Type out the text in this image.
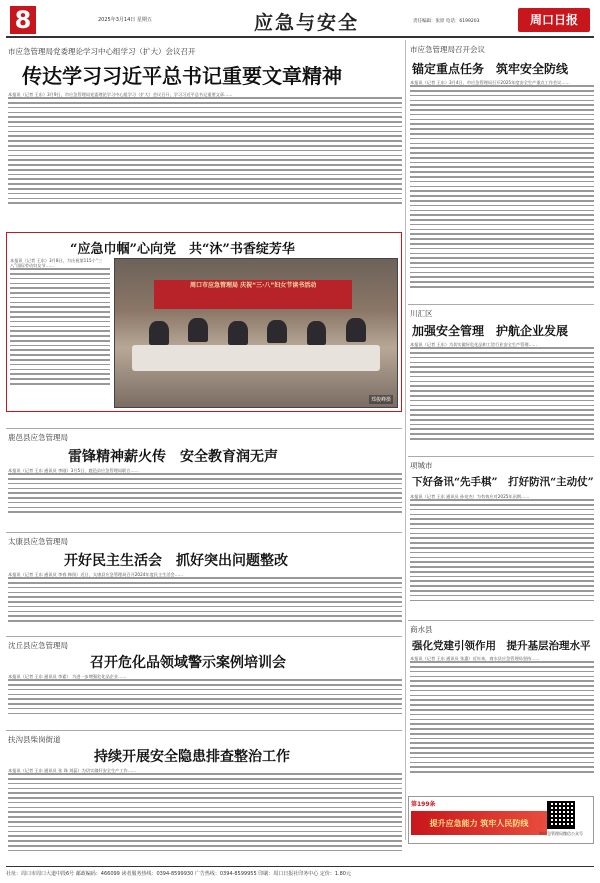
8	2025年3月14日 星期五	应急与安全	责任编辑：张原 电话：6199203	周口日报
市应急管理局党委理论学习中心组学习（扩大）会议召开
传达学习习近平总书记重要文章精神
本报讯（记者 王东）3月9日，市应急管理局党委理论学习中心组学习（扩大）会议召开，学习习近平总书记重要文章……
“应急巾帼”心向党　共“沐”书香绽芳华
本报讯（记者 王东）3月8日，为庆祝第115个“三八”国际劳动妇女节……
周口市应急管理局 庆祝“三·八”妇女节读书活动
郑俊峰摄
鹿邑县应急管理局
雷锋精神薪火传　安全教育润无声
本报讯（记者 王东 通讯员 李刚）3月5日，鹿邑县应急管理局联合……
太康县应急管理局
开好民主生活会　抓好突出问题整改
本报讯（记者 王东 通讯员 李春 韩闯）近日，太康县应急管理局召开2024年度民主生活会……
沈丘县应急管理局
召开危化品领域警示案例培训会
本报讯（记者 王东 通讯员 李素） 为进一步增强危化品企业……
扶沟县柴岗街道
持续开展安全隐患排查整治工作
本报讯（记者 王东 通讯员 张 珠 刘蕊）为切实做好安全生产工作……
市应急管理局召开会议
锚定重点任务　筑牢安全防线
本报讯（记者 王东）3月4日，市应急管理局召开2025年度安全生产重点工作会议……
川汇区
加强安全管理　护航企业发展
本报讯（记者 王东）为切实做好危化品和工贸行业安全生产管理……
项城市
下好备讯“先手棋”　打好防汛“主动仗”
本报讯（记者 王东 通讯员 孙亮杰）为有效应对2025年汛期……
商水县
强化党建引领作用　提升基层治理水平
本报讯（记者 王东 通讯员 张惠）近年来，商水县应急管理局坚持……
第199条
提升应急能力 筑牢人民防线
市应急管理局微信公众号
社址：周口市周口大道中段6号 邮政编码：466099 读者服务热线：0394-8599930 广告热线：0394-8599955 印刷：周口日报社印务中心 定价：1.80元
